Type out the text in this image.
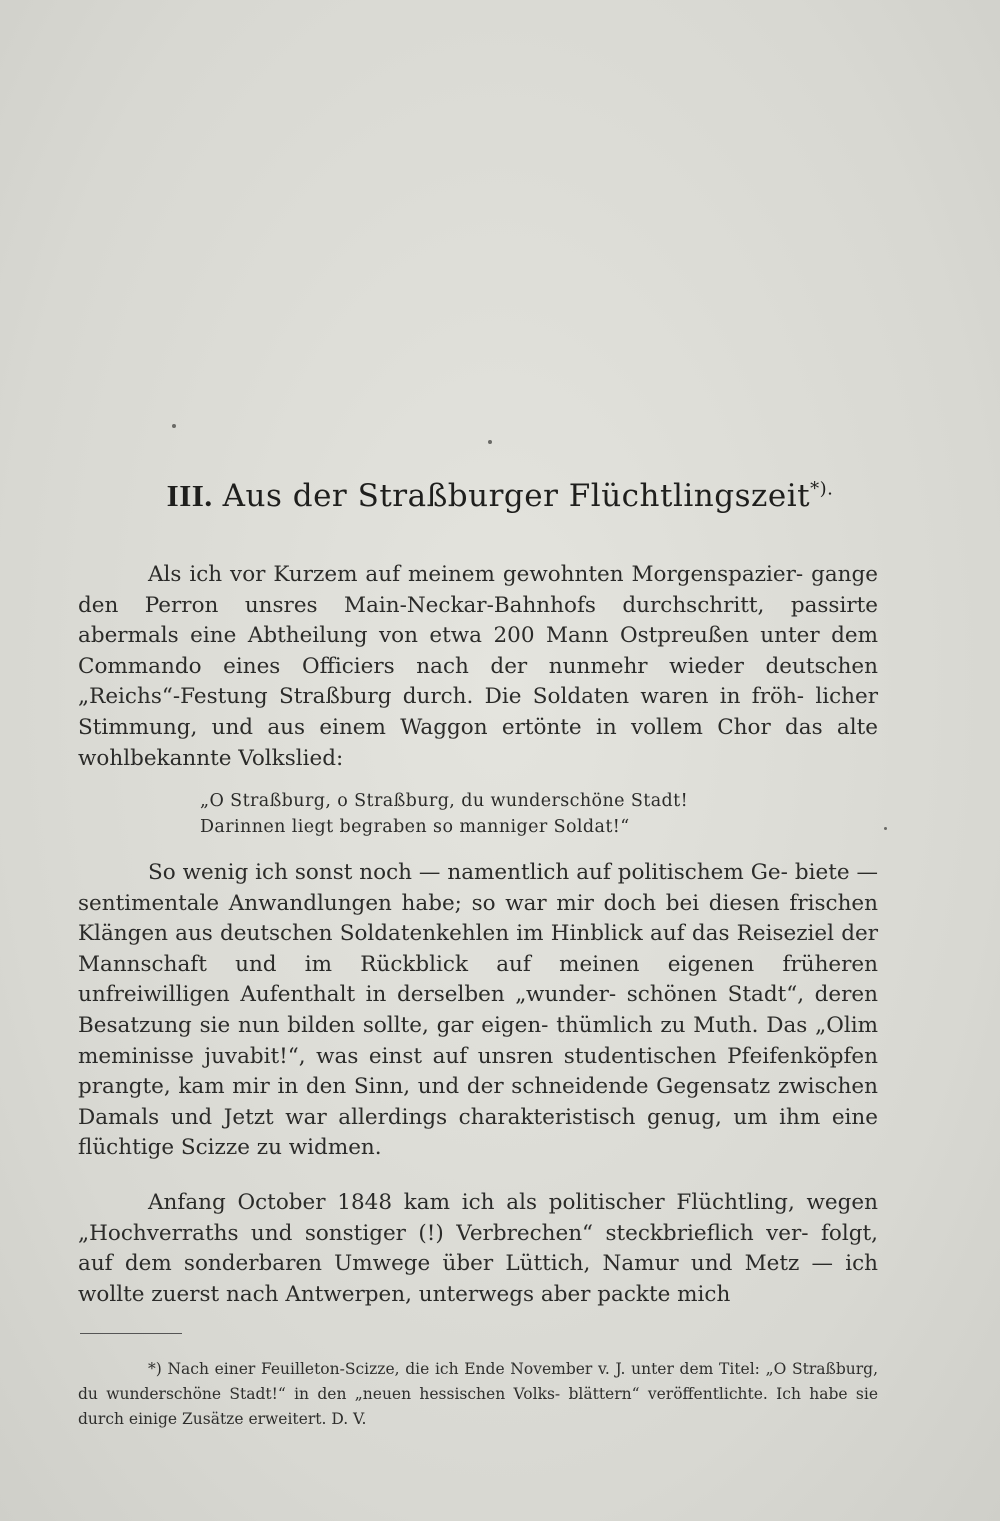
III. Aus der Straßburger Flüchtlingszeit*).

Als ich vor Kurzem auf meinem gewohnten Morgenspazier- gange den Perron unsres Main-Neckar-Bahnhofs durchschritt, passirte abermals eine Abtheilung von etwa 200 Mann Ostpreußen unter dem Commando eines Officiers nach der nunmehr wieder deutschen „Reichs“-Festung Straßburg durch. Die Soldaten waren in fröh- licher Stimmung, und aus einem Waggon ertönte in vollem Chor das alte wohlbekannte Volkslied:

„O Straßburg, o Straßburg, du wunderschöne Stadt!
Darinnen liegt begraben so manniger Soldat!“

So wenig ich sonst noch — namentlich auf politischem Ge- biete — sentimentale Anwandlungen habe; so war mir doch bei diesen frischen Klängen aus deutschen Soldatenkehlen im Hinblick auf das Reiseziel der Mannschaft und im Rückblick auf meinen eigenen früheren unfreiwilligen Aufenthalt in derselben „wunder- schönen Stadt“, deren Besatzung sie nun bilden sollte, gar eigen- thümlich zu Muth. Das „Olim meminisse juvabit!“, was einst auf unsren studentischen Pfeifenköpfen prangte, kam mir in den Sinn, und der schneidende Gegensatz zwischen Damals und Jetzt war allerdings charakteristisch genug, um ihm eine flüchtige Scizze zu widmen.

Anfang October 1848 kam ich als politischer Flüchtling, wegen „Hochverraths und sonstiger (!) Verbrechen“ steckbrieflich ver- folgt, auf dem sonderbaren Umwege über Lüttich, Namur und Metz — ich wollte zuerst nach Antwerpen, unterwegs aber packte mich

*) Nach einer Feuilleton-Scizze, die ich Ende November v. J. unter dem Titel: „O Straßburg, du wunderschöne Stadt!“ in den „neuen hessischen Volks- blättern“ veröffentlichte. Ich habe sie durch einige Zusätze erweitert. D. V.
